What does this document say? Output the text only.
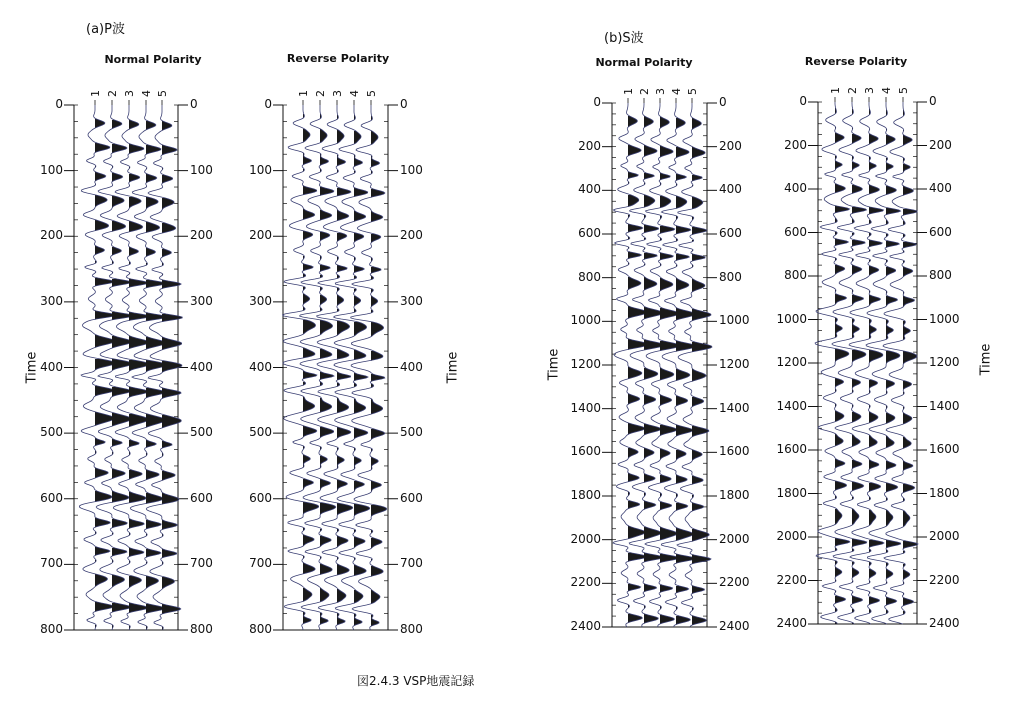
(a)P波
(b)S波
Normal Polarity	Reverse Polarity	Normal Polarity	Reverse Polarity
Time	Time	Time	Time
1 2 3 4 5	1 2 3 4 5	1 2 3 4 5	1 2 3 4 5
0	0
100	100
200	200
300	300
400	400
500	500
600	600
700	700
800	800
0	0
100	100
200	200
300	300
400	400
500	500
600	600
700	700
800	800
0	0
200	200
400	400
600	600
800	800
1000	1000
1200	1200
1400	1400
1600	1600
1800	1800
2000	2000
2200	2200
2400	2400
0	0
200	200
400	400
600	600
800	800
1000	1000
1200	1200
1400	1400
1600	1600
1800	1800
2000	2000
2200	2200
2400	2400
図2.4.3 VSP地震記録
